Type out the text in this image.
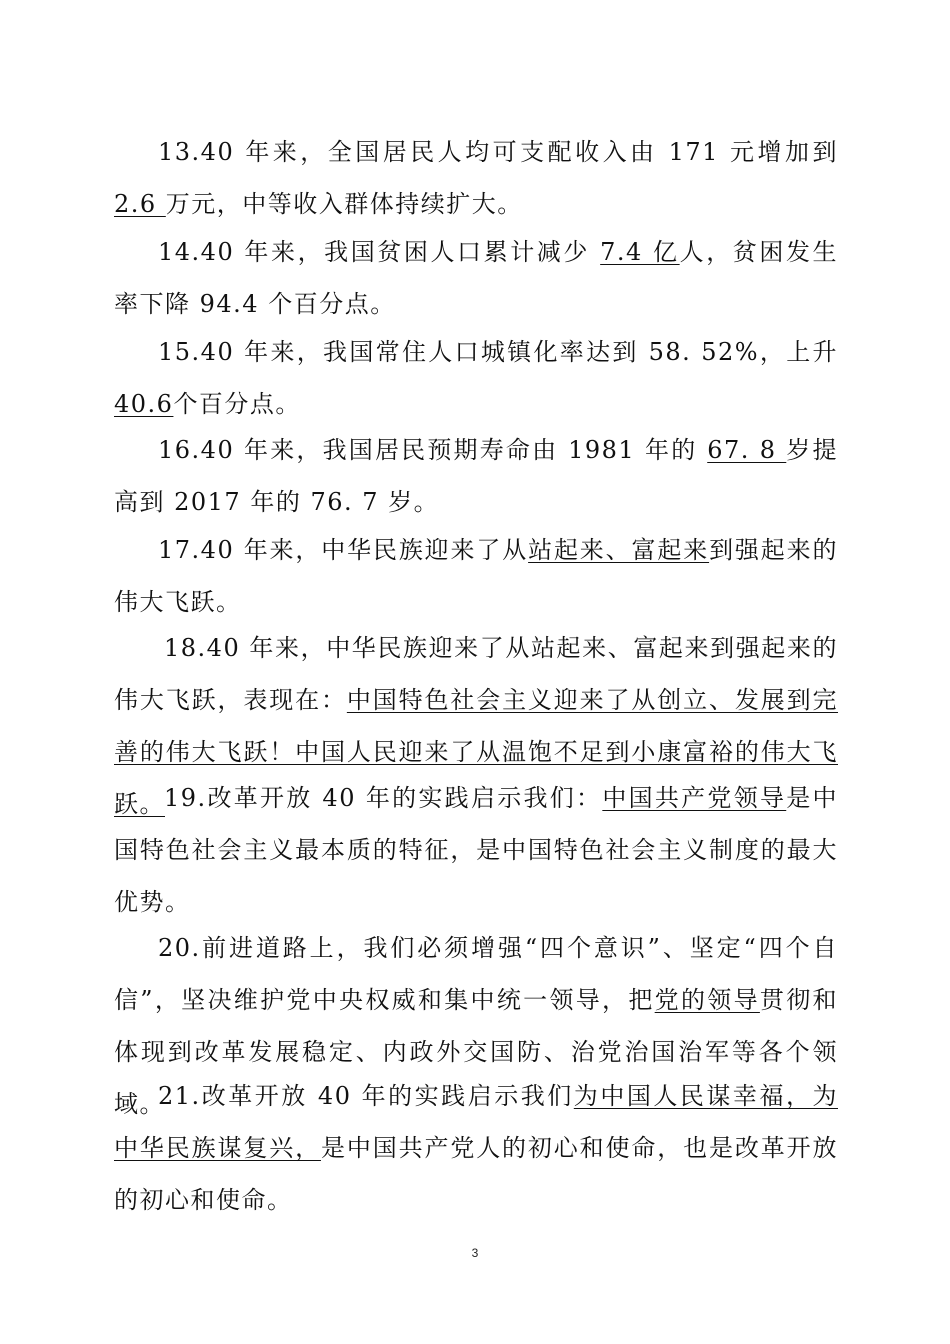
13.40 年来，全国居民人均可支配收入由 171 元增加到 2.6 万元，中等收入群体持续扩大。

14.40 年来，我国贫困人口累计减少 7.4 亿人，贫困发生率下降 94.4 个百分点。

15.40 年来，我国常住人口城镇化率达到 58. 52%，上升 40.6个百分点。

16.40 年来，我国居民预期寿命由 1981 年的 67. 8 岁提高到 2017 年的 76. 7 岁。

17.40 年来，中华民族迎来了从站起来、富起来到强起来的伟大飞跃。

18.40 年来，中华民族迎来了从站起来、富起来到强起来的伟大飞跃，表现在：中国特色社会主义迎来了从创立、发展到完善的伟大飞跃！中国人民迎来了从温饱不足到小康富裕的伟大飞跃。 19.改革开放 40 年的实践启示我们：中国共产党领导是中国特色社会主义最本质的特征，是中国特色社会主义制度的最大优势。

20.前进道路上，我们必须增强“四个意识”、坚定“四个自信”，坚决维护党中央权威和集中统一领导，把党的领导贯彻和体现到改革发展稳定、内政外交国防、治党治国治军等各个领域。

21.改革开放 40 年的实践启示我们为中国人民谋幸福，为中华民族谋复兴，是中国共产党人的初心和使命，也是改革开放的初心和使命。

3
